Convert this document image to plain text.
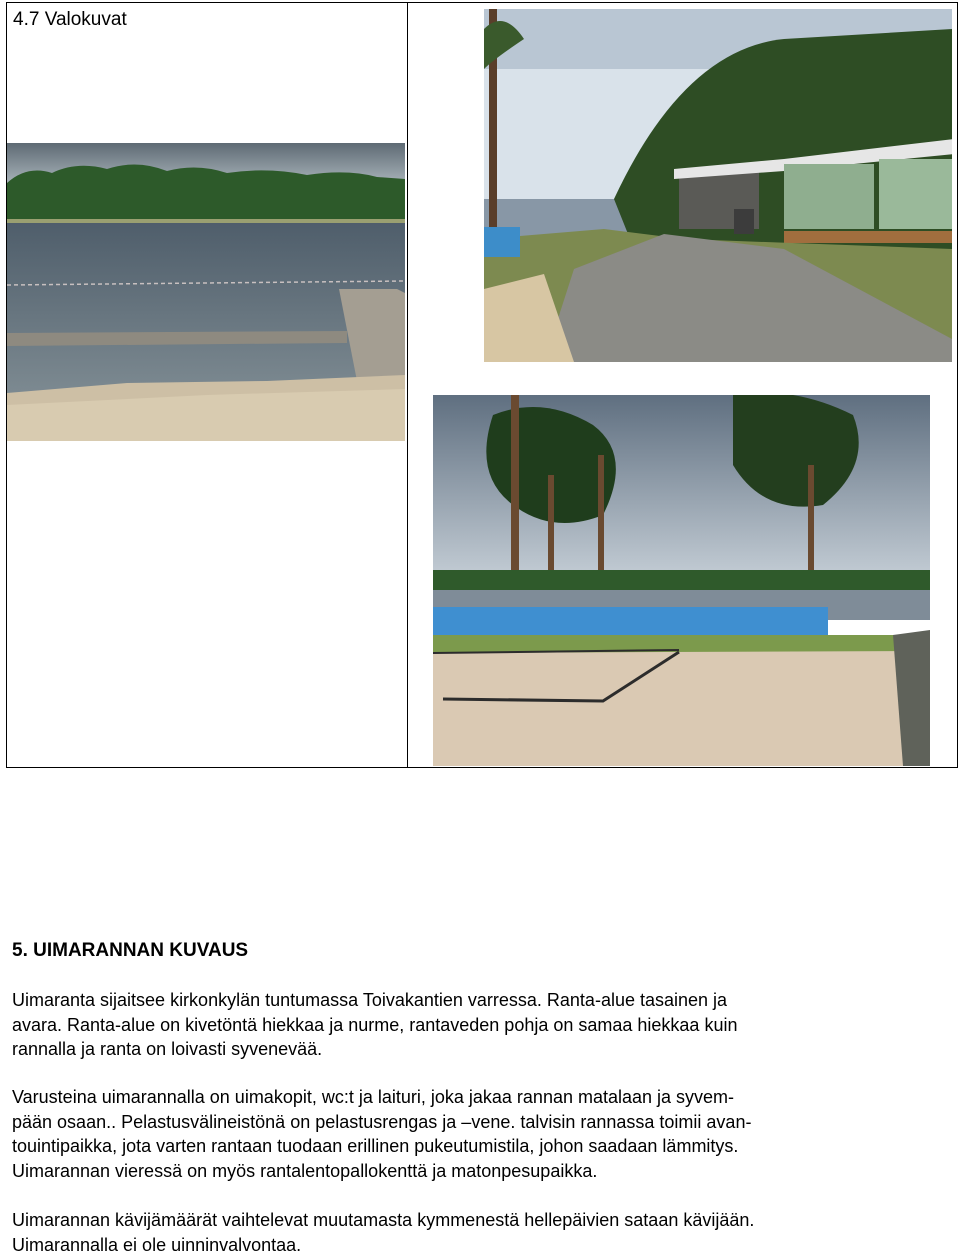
4.7 Valokuvat
5. UIMARANNAN KUVAUS

Uimaranta sijaitsee kirkonkylän tuntumassa Toivakantien varressa. Ranta-alue tasainen ja
avara. Ranta-alue on kivetöntä hiekkaa ja nurme, rantaveden pohja on samaa hiekkaa kuin
rannalla ja ranta on loivasti syvenevää.

Varusteina uimarannalla on uimakopit, wc:t ja laituri, joka jakaa rannan matalaan ja syvem-
pään osaan.. Pelastusvälineistönä on pelastusrengas ja –vene. talvisin rannassa toimii avan-
touintipaikka, jota varten rantaan tuodaan erillinen pukeutumistila, johon saadaan lämmitys.
Uimarannan vieressä on myös rantalentopallokenttä ja matonpesupaikka.

Uimarannan kävijämäärät vaihtelevat muutamasta kymmenestä hellepäivien sataan kävijään.
Uimarannalla ei ole uinninvalvontaa.
